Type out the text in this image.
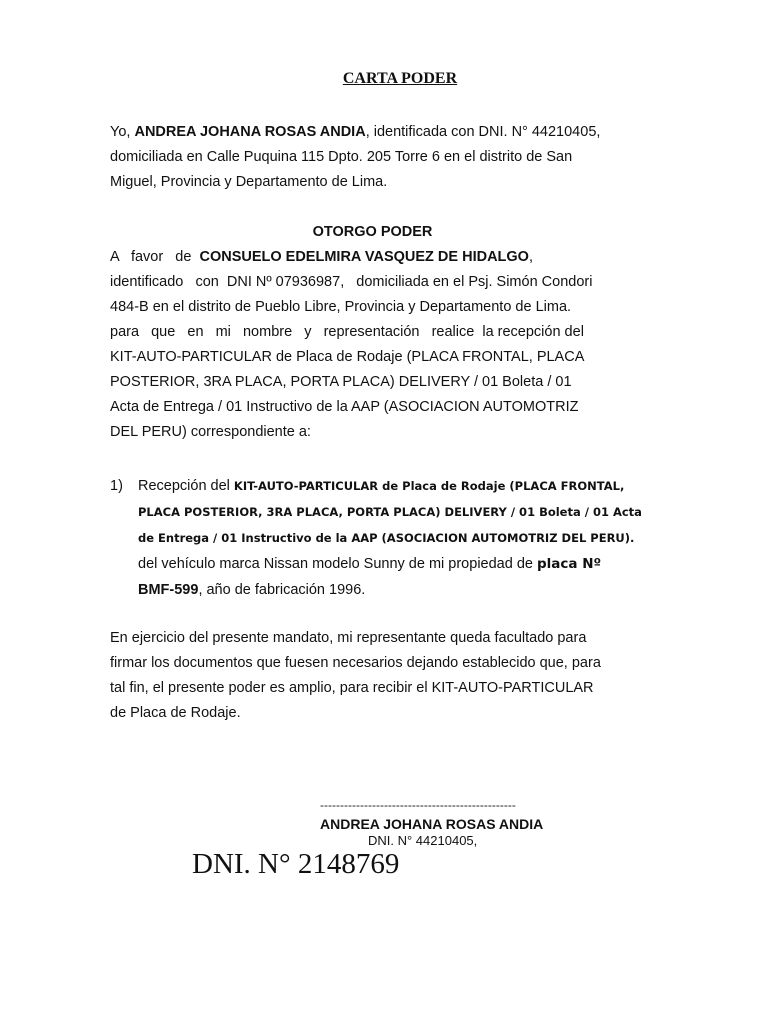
CARTA PODER
Yo, ANDREA JOHANA ROSAS ANDIA, identificada con DNI. N° 44210405,
domiciliada en Calle Puquina 115 Dpto. 205 Torre 6 en el distrito de San
Miguel, Provincia y Departamento de Lima.
OTORGO PODER
A   favor   de  CONSUELO EDELMIRA VASQUEZ DE HIDALGO,
identificado   con  DNI Nº 07936987,   domiciliada en el Psj. Simón Condori
484-B en el distrito de Pueblo Libre, Provincia y Departamento de Lima.
para   que   en   mi   nombre   y   representación   realice  la recepción del
KIT-AUTO-PARTICULAR de Placa de Rodaje (PLACA FRONTAL, PLACA
POSTERIOR, 3RA PLACA, PORTA PLACA) DELIVERY / 01 Boleta / 01
Acta de Entrega / 01 Instructivo de la AAP (ASOCIACION AUTOMOTRIZ
DEL PERU) correspondiente a:
1) Recepción del KIT-AUTO-PARTICULAR de Placa de Rodaje (PLACA FRONTAL,
PLACA POSTERIOR, 3RA PLACA, PORTA PLACA) DELIVERY / 01 Boleta / 01 Acta
de Entrega / 01 Instructivo de la AAP (ASOCIACION AUTOMOTRIZ DEL PERU).
del vehículo marca Nissan modelo Sunny de mi propiedad de placa Nº
BMF-599, año de fabricación 1996.
En ejercicio del presente mandato, mi representante queda facultado para
firmar los documentos que fuesen necesarios dejando establecido que, para
tal fin, el presente poder es amplio, para recibir el KIT-AUTO-PARTICULAR
de Placa de Rodaje.
-------------------------------------------------
ANDREA JOHANA ROSAS ANDIA
DNI. N° 44210405,
DNI. N° 2148769
